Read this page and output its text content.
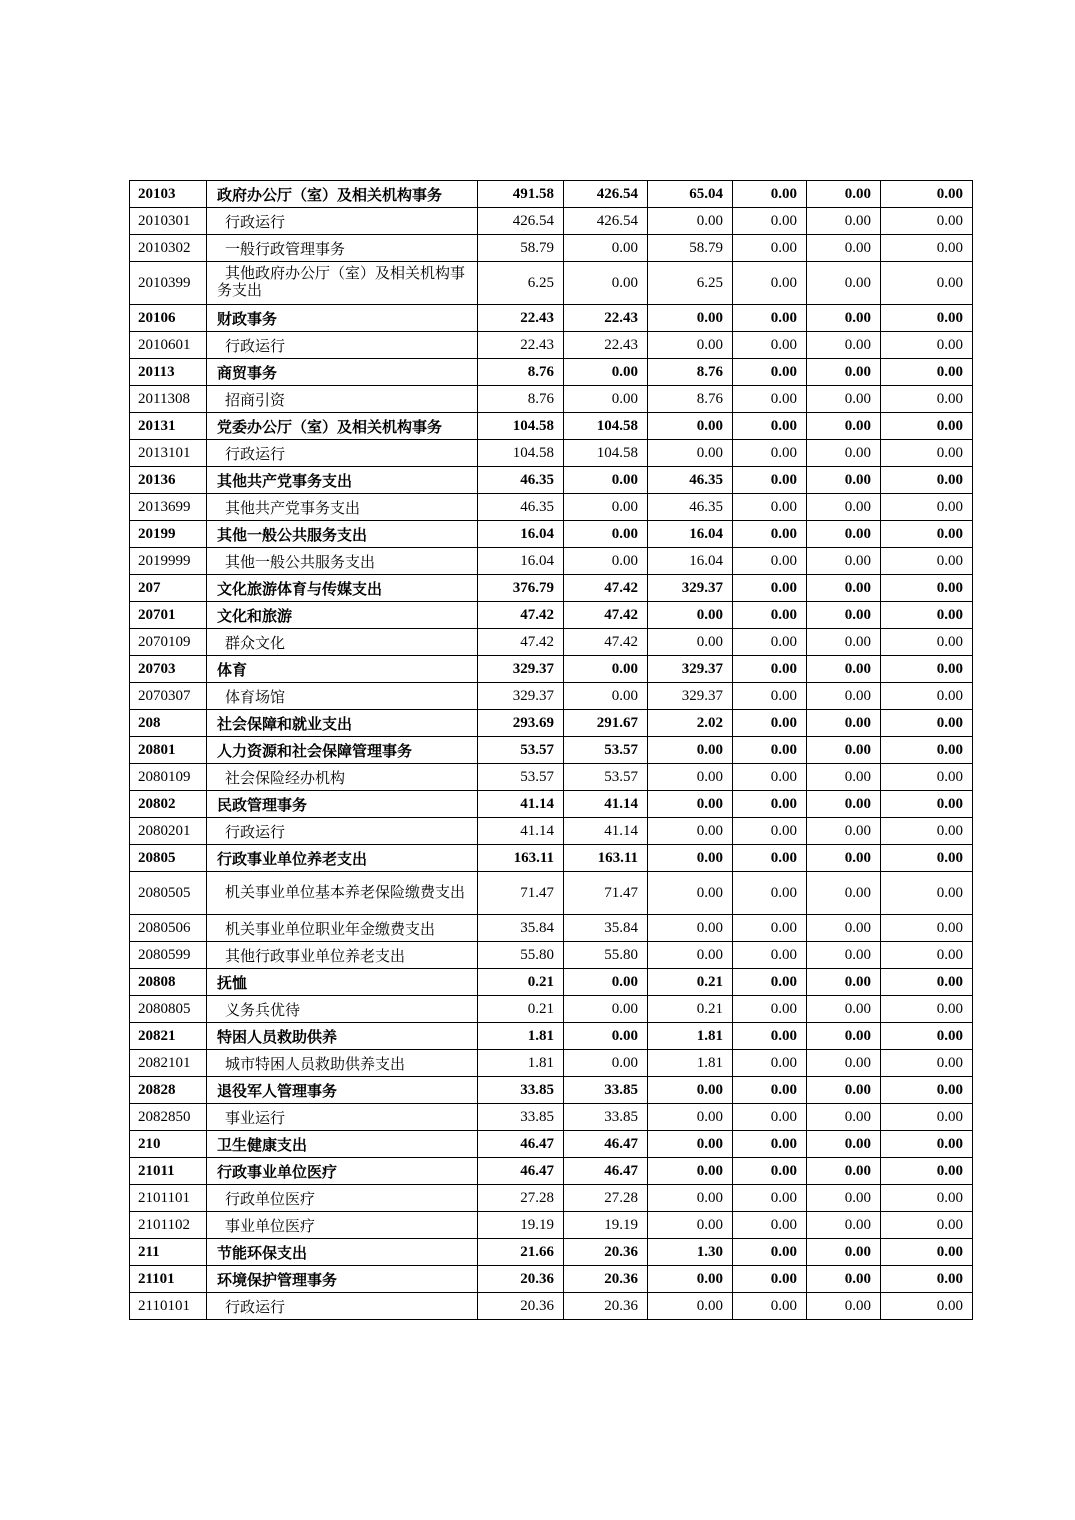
20103	政府办公厅（室）及相关机构事务	491.58	426.54	65.04	0.00	0.00	0.00
2010301	行政运行	426.54	426.54	0.00	0.00	0.00	0.00
2010302	一般行政管理事务	58.79	0.00	58.79	0.00	0.00	0.00
2010399	其他政府办公厅（室）及相关机构事务支出	6.25	0.00	6.25	0.00	0.00	0.00
20106	财政事务	22.43	22.43	0.00	0.00	0.00	0.00
2010601	行政运行	22.43	22.43	0.00	0.00	0.00	0.00
20113	商贸事务	8.76	0.00	8.76	0.00	0.00	0.00
2011308	招商引资	8.76	0.00	8.76	0.00	0.00	0.00
20131	党委办公厅（室）及相关机构事务	104.58	104.58	0.00	0.00	0.00	0.00
2013101	行政运行	104.58	104.58	0.00	0.00	0.00	0.00
20136	其他共产党事务支出	46.35	0.00	46.35	0.00	0.00	0.00
2013699	其他共产党事务支出	46.35	0.00	46.35	0.00	0.00	0.00
20199	其他一般公共服务支出	16.04	0.00	16.04	0.00	0.00	0.00
2019999	其他一般公共服务支出	16.04	0.00	16.04	0.00	0.00	0.00
207	文化旅游体育与传媒支出	376.79	47.42	329.37	0.00	0.00	0.00
20701	文化和旅游	47.42	47.42	0.00	0.00	0.00	0.00
2070109	群众文化	47.42	47.42	0.00	0.00	0.00	0.00
20703	体育	329.37	0.00	329.37	0.00	0.00	0.00
2070307	体育场馆	329.37	0.00	329.37	0.00	0.00	0.00
208	社会保障和就业支出	293.69	291.67	2.02	0.00	0.00	0.00
20801	人力资源和社会保障管理事务	53.57	53.57	0.00	0.00	0.00	0.00
2080109	社会保险经办机构	53.57	53.57	0.00	0.00	0.00	0.00
20802	民政管理事务	41.14	41.14	0.00	0.00	0.00	0.00
2080201	行政运行	41.14	41.14	0.00	0.00	0.00	0.00
20805	行政事业单位养老支出	163.11	163.11	0.00	0.00	0.00	0.00
2080505	机关事业单位基本养老保险缴费支出	71.47	71.47	0.00	0.00	0.00	0.00
2080506	机关事业单位职业年金缴费支出	35.84	35.84	0.00	0.00	0.00	0.00
2080599	其他行政事业单位养老支出	55.80	55.80	0.00	0.00	0.00	0.00
20808	抚恤	0.21	0.00	0.21	0.00	0.00	0.00
2080805	义务兵优待	0.21	0.00	0.21	0.00	0.00	0.00
20821	特困人员救助供养	1.81	0.00	1.81	0.00	0.00	0.00
2082101	城市特困人员救助供养支出	1.81	0.00	1.81	0.00	0.00	0.00
20828	退役军人管理事务	33.85	33.85	0.00	0.00	0.00	0.00
2082850	事业运行	33.85	33.85	0.00	0.00	0.00	0.00
210	卫生健康支出	46.47	46.47	0.00	0.00	0.00	0.00
21011	行政事业单位医疗	46.47	46.47	0.00	0.00	0.00	0.00
2101101	行政单位医疗	27.28	27.28	0.00	0.00	0.00	0.00
2101102	事业单位医疗	19.19	19.19	0.00	0.00	0.00	0.00
211	节能环保支出	21.66	20.36	1.30	0.00	0.00	0.00
21101	环境保护管理事务	20.36	20.36	0.00	0.00	0.00	0.00
2110101	行政运行	20.36	20.36	0.00	0.00	0.00	0.00
